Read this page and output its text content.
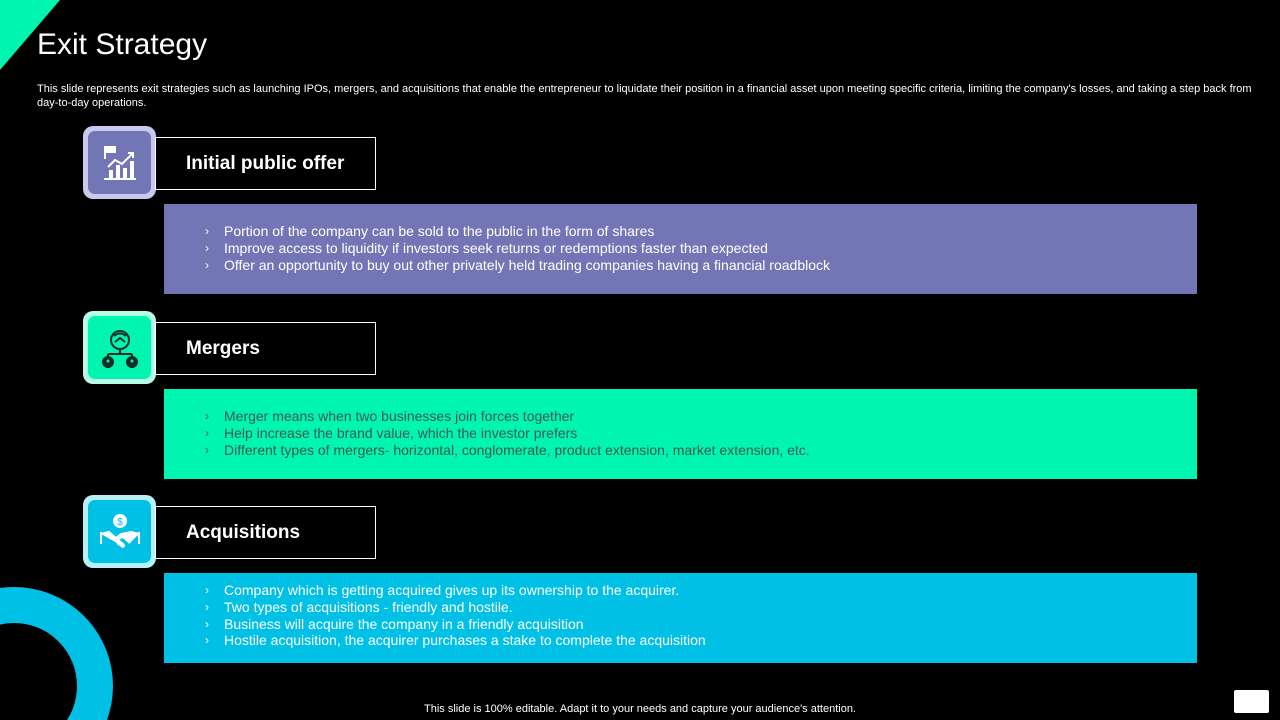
Exit Strategy

This slide represents exit strategies such as launching IPOs, mergers, and acquisitions that enable the entrepreneur to liquidate their position in a financial asset upon meeting specific criteria, limiting the company's losses, and taking a step back from day-to-day operations.

Initial public offer
› Portion of the company can be sold to the public in the form of shares
› Improve access to liquidity if investors seek returns or redemptions faster than expected
› Offer an opportunity to buy out other privately held trading companies having a financial roadblock
Mergers
› Merger means when two businesses join forces together
› Help increase the brand value, which the investor prefers
› Different types of mergers- horizontal, conglomerate, product extension, market extension, etc.
$	Acquisitions
› Company which is getting acquired gives up its ownership to the acquirer.
› Two types of acquisitions - friendly and hostile.
› Business will acquire the company in a friendly acquisition
› Hostile acquisition, the acquirer purchases a stake to complete the acquisition
This slide is 100% editable. Adapt it to your needs and capture your audience's attention.
